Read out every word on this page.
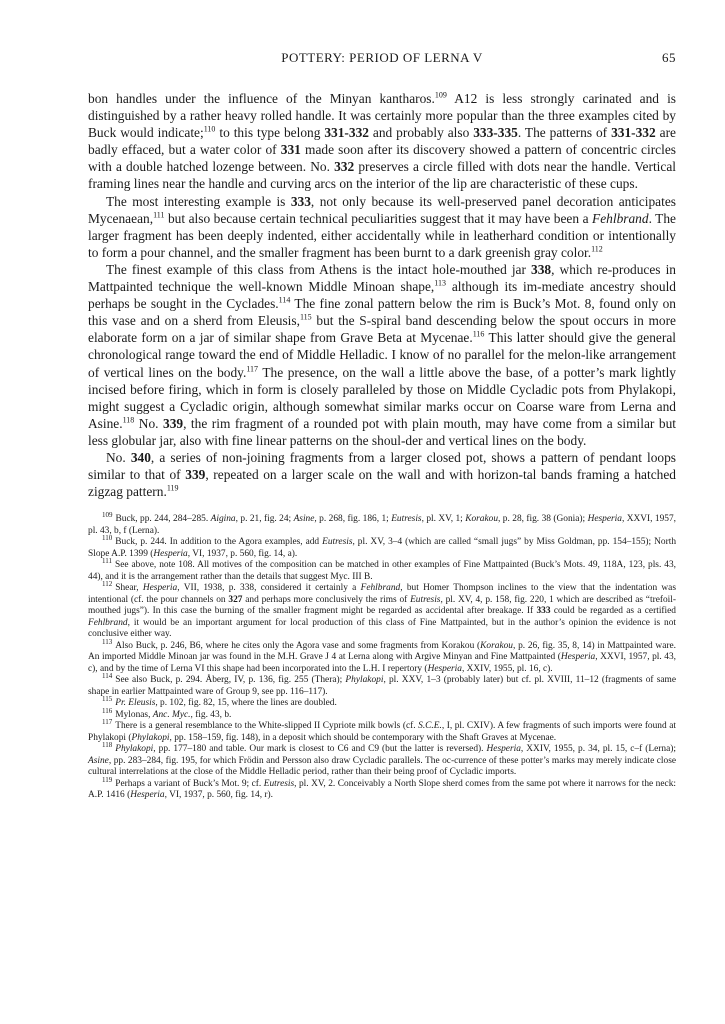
POTTERY: PERIOD OF LERNA V	65

bon handles under the influence of the Minyan kantharos.$^{109}$ A12 is less strongly carinated and is distinguished by a rather heavy rolled handle. It was certainly more popular than the three examples cited by Buck would indicate;$^{110}$ to this type belong 331-332 and probably also 333-335. The patterns of 331-332 are badly effaced, but a water color of 331 made soon after its discovery showed a pattern of concentric circles with a double hatched lozenge between. No. 332 preserves a circle filled with dots near the handle. Vertical framing lines near the handle and curving arcs on the interior of the lip are characteristic of these cups.

The most interesting example is 333, not only because its well-preserved panel decoration anticipates Mycenaean,$^{111}$ but also because certain technical peculiarities suggest that it may have been a Fehlbrand. The larger fragment has been deeply indented, either accidentally while in leatherhard condition or intentionally to form a pour channel, and the smaller fragment has been burnt to a dark greenish gray color.$^{112}$

The finest example of this class from Athens is the intact hole-mouthed jar 338, which re-produces in Mattpainted technique the well-known Middle Minoan shape,$^{113}$ although its im-mediate ancestry should perhaps be sought in the Cyclades.$^{114}$ The fine zonal pattern below the rim is Buck’s Mot. 8, found only on this vase and on a sherd from Eleusis,$^{115}$ but the S-spiral band descending below the spout occurs in more elaborate form on a jar of similar shape from Grave Beta at Mycenae.$^{116}$ This latter should give the general chronological range toward the end of Middle Helladic. I know of no parallel for the melon-like arrangement of vertical lines on the body.$^{117}$ The presence, on the wall a little above the base, of a potter’s mark lightly incised before firing, which in form is closely paralleled by those on Middle Cycladic pots from Phylakopi, might suggest a Cycladic origin, although somewhat similar marks occur on Coarse ware from Lerna and Asine.$^{118}$ No. 339, the rim fragment of a rounded pot with plain mouth, may have come from a similar but less globular jar, also with fine linear patterns on the shoul-der and vertical lines on the body.

No. 340, a series of non-joining fragments from a larger closed pot, shows a pattern of pendant loops similar to that of 339, repeated on a larger scale on the wall and with horizon-tal bands framing a hatched zigzag pattern.$^{119}$

$^{109}$ Buck, pp. 244, 284–285. Aigina, p. 21, fig. 24; Asine, p. 268, fig. 186, 1; Eutresis, pl. XV, 1; Korakou, p. 28, fig. 38 (Gonia); Hesperia, XXVI, 1957, pl. 43, b, f (Lerna).

$^{110}$ Buck, p. 244. In addition to the Agora examples, add Eutresis, pl. XV, 3–4 (which are called “small jugs” by Miss Goldman, pp. 154–155); North Slope A.P. 1399 (Hesperia, VI, 1937, p. 560, fig. 14, a).

$^{111}$ See above, note 108. All motives of the composition can be matched in other examples of Fine Mattpainted (Buck’s Mots. 49, 118A, 123, pls. 43, 44), and it is the arrangement rather than the details that suggest Myc. III B.

$^{112}$ Shear, Hesperia, VII, 1938, p. 338, considered it certainly a Fehlbrand, but Homer Thompson inclines to the view that the indentation was intentional (cf. the pour channels on 327 and perhaps more conclusively the rims of Eutresis, pl. XV, 4, p. 158, fig. 220, 1 which are described as “trefoil-mouthed jugs”). In this case the burning of the smaller fragment might be regarded as accidental after breakage. If 333 could be regarded as a certified Fehlbrand, it would be an important argument for local production of this class of Fine Mattpainted, but in the author’s opinion the evidence is not conclusive either way.

$^{113}$ Also Buck, p. 246, B6, where he cites only the Agora vase and some fragments from Korakou (Korakou, p. 26, fig. 35, 8, 14) in Mattpainted ware. An imported Middle Minoan jar was found in the M.H. Grave J 4 at Lerna along with Argive Minyan and Fine Mattpainted (Hesperia, XXVI, 1957, pl. 43, c), and by the time of Lerna VI this shape had been incorporated into the L.H. I repertory (Hesperia, XXIV, 1955, pl. 16, c).

$^{114}$ See also Buck, p. 294. Åberg, IV, p. 136, fig. 255 (Thera); Phylakopi, pl. XXV, 1–3 (probably later) but cf. pl. XVIII, 11–12 (fragments of same shape in earlier Mattpainted ware of Group 9, see pp. 116–117).

$^{115}$ Pr. Eleusis, p. 102, fig. 82, 15, where the lines are doubled.

$^{116}$ Mylonas, Anc. Myc., fig. 43, b.

$^{117}$ There is a general resemblance to the White-slipped II Cypriote milk bowls (cf. S.C.E., I, pl. CXIV). A few fragments of such imports were found at Phylakopi (Phylakopi, pp. 158–159, fig. 148), in a deposit which should be contemporary with the Shaft Graves at Mycenae.

$^{118}$ Phylakopi, pp. 177–180 and table. Our mark is closest to C6 and C9 (but the latter is reversed). Hesperia, XXIV, 1955, p. 34, pl. 15, c–f (Lerna); Asine, pp. 283–284, fig. 195, for which Frödin and Persson also draw Cycladic parallels. The oc-currence of these potter’s marks may merely indicate close cultural interrelations at the close of the Middle Helladic period, rather than their being proof of Cycladic imports.

$^{119}$ Perhaps a variant of Buck’s Mot. 9; cf. Eutresis, pl. XV, 2. Conceivably a North Slope sherd comes from the same pot where it narrows for the neck: A.P. 1416 (Hesperia, VI, 1937, p. 560, fig. 14, r).
